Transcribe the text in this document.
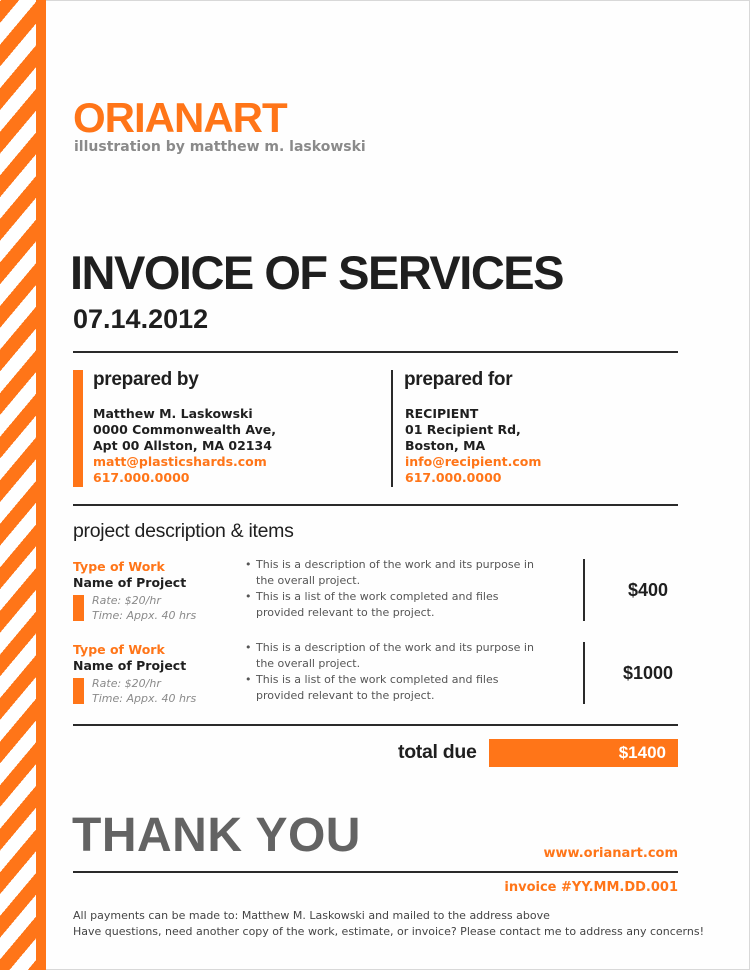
ORIANART
illustration by matthew m. laskowski
INVOICE OF SERVICES
07.14.2012
prepared by
Matthew M. Laskowski
0000 Commonwealth Ave,
Apt 00 Allston, MA 02134
matt@plasticshards.com
617.000.0000
prepared for
RECIPIENT
01 Recipient Rd,
Boston, MA
info@recipient.com
617.000.0000
project description & items
Type of Work
Name of Project
Rate: $20/hr
Time: Appx. 40 hrs
• This is a description of the work and its purpose in the overall project.
• This is a list of the work completed and files provided relevant to the project.
$400
Type of Work
Name of Project
Rate: $20/hr
Time: Appx. 40 hrs
• This is a description of the work and its purpose in the overall project.
• This is a list of the work completed and files provided relevant to the project.
$1000
total due	$1400
THANK YOU	www.orianart.com
invoice #YY.MM.DD.001
All payments can be made to: Matthew M. Laskowski and mailed to the address above
Have questions, need another copy of the work, estimate, or invoice? Please contact me to address any concerns!
